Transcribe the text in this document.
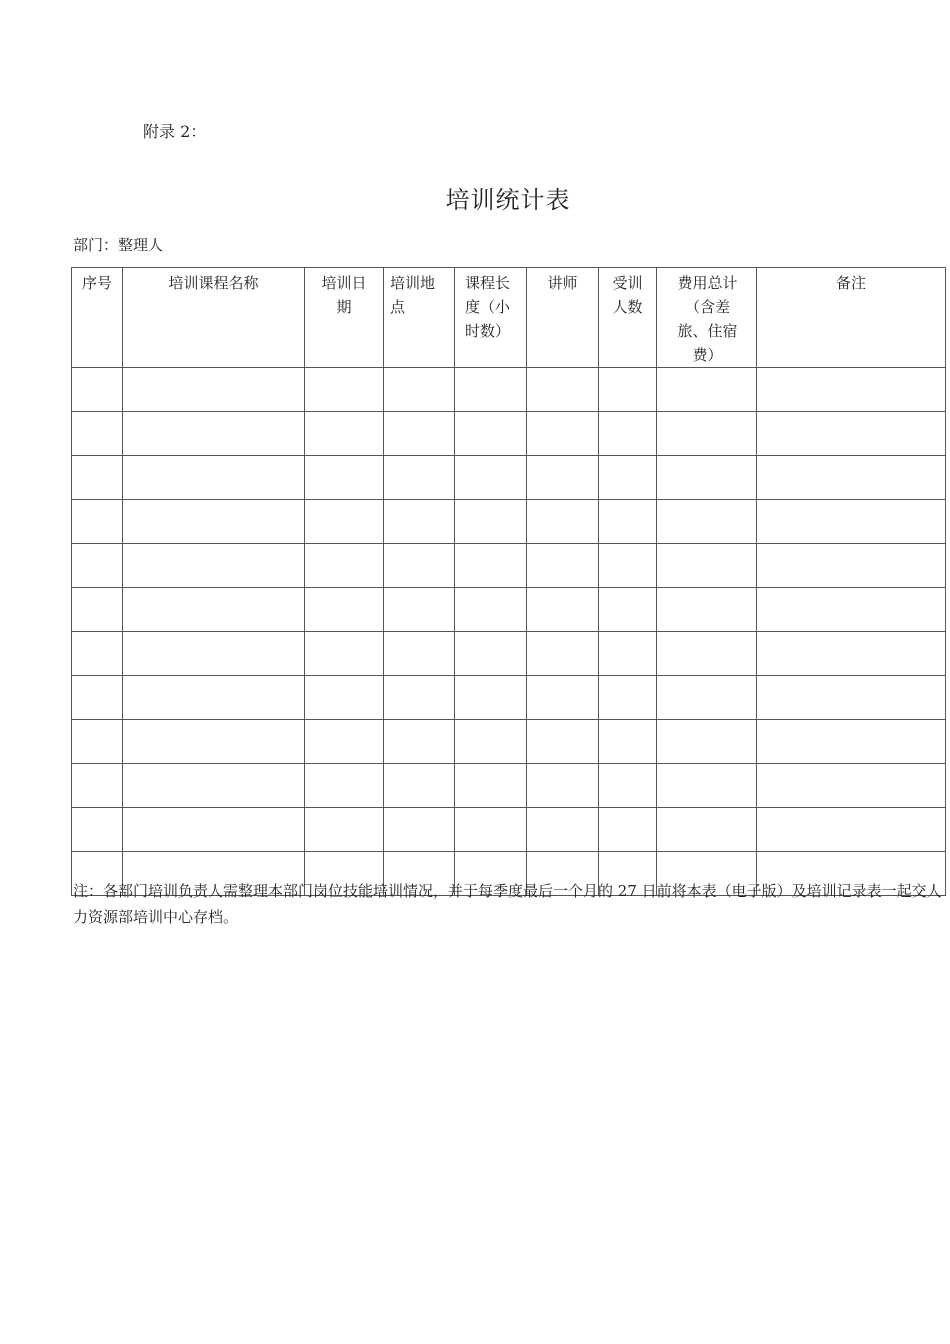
附录 2：
培训统计表
部门：整理人
序号	培训课程名称	培训日期	培训地点	课程长度（小时数）	讲师	受训人数	费用总计（含差旅、住宿费）	备注

注：各部门培训负责人需整理本部门岗位技能培训情况，并于每季度最后一个月的 27 日前将本表（电子版）及培训记录表一起交人力资源部培训中心存档。
